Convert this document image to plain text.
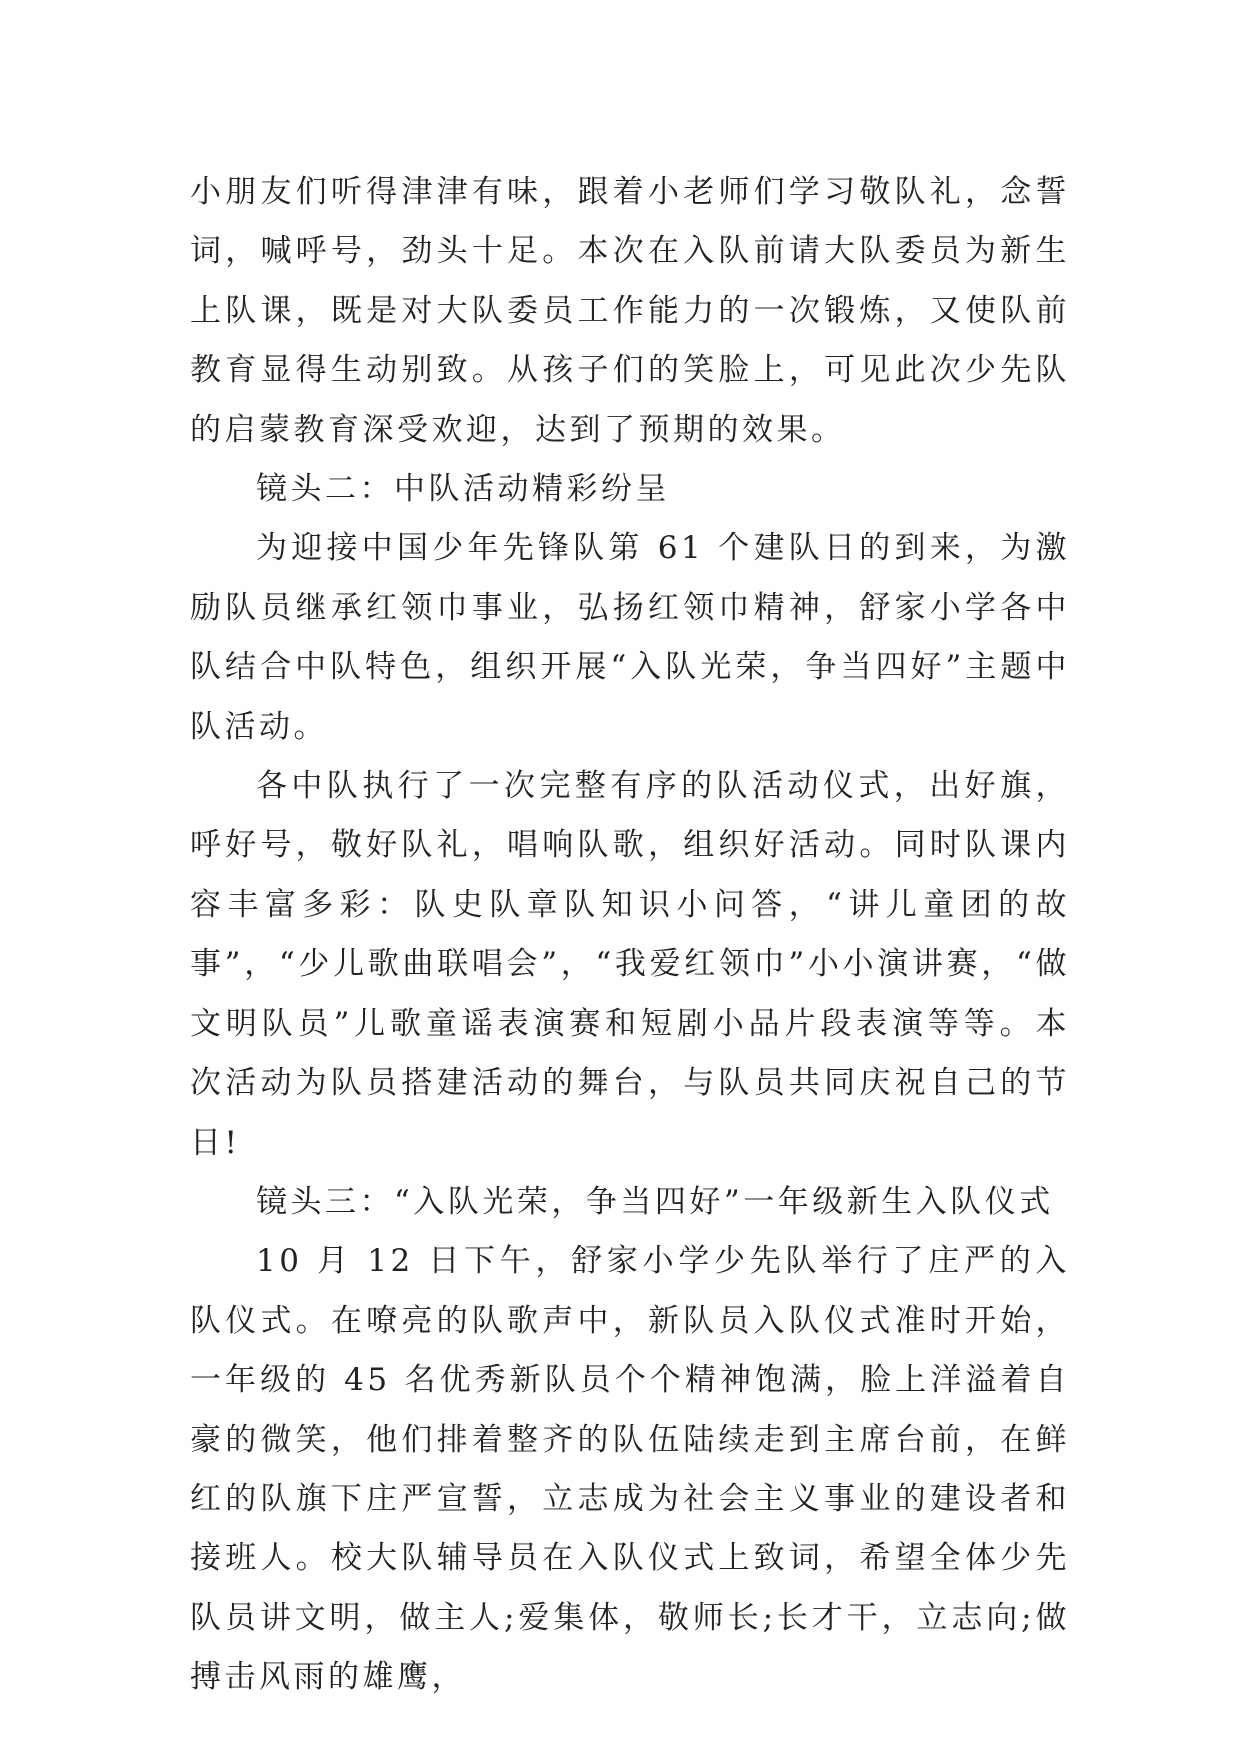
小朋友们听得津津有味，跟着小老师们学习敬队礼，念誓词，喊呼号，劲头十足。本次在入队前请大队委员为新生上队课，既是对大队委员工作能力的一次锻炼，又使队前教育显得生动别致。从孩子们的笑脸上，可见此次少先队的启蒙教育深受欢迎，达到了预期的效果。

镜头二：中队活动精彩纷呈

为迎接中国少年先锋队第 61 个建队日的到来，为激励队员继承红领巾事业，弘扬红领巾精神，舒家小学各中队结合中队特色，组织开展“入队光荣，争当四好”主题中队活动。

各中队执行了一次完整有序的队活动仪式，出好旗，呼好号，敬好队礼，唱响队歌，组织好活动。同时队课内容丰富多彩：队史队章队知识小问答，“讲儿童团的故事”，“少儿歌曲联唱会”，“我爱红领巾”小小演讲赛，“做文明队员”儿歌童谣表演赛和短剧小品片段表演等等。本次活动为队员搭建活动的舞台，与队员共同庆祝自己的节日!

镜头三：“入队光荣，争当四好”一年级新生入队仪式

10 月 12 日下午，舒家小学少先队举行了庄严的入队仪式。在嘹亮的队歌声中，新队员入队仪式准时开始，一年级的 45 名优秀新队员个个精神饱满，脸上洋溢着自豪的微笑，他们排着整齐的队伍陆续走到主席台前，在鲜红的队旗下庄严宣誓，立志成为社会主义事业的建设者和接班人。校大队辅导员在入队仪式上致词，希望全体少先队员讲文明，做主人;爱集体，敬师长;长才干，立志向;做搏击风雨的雄鹰，
